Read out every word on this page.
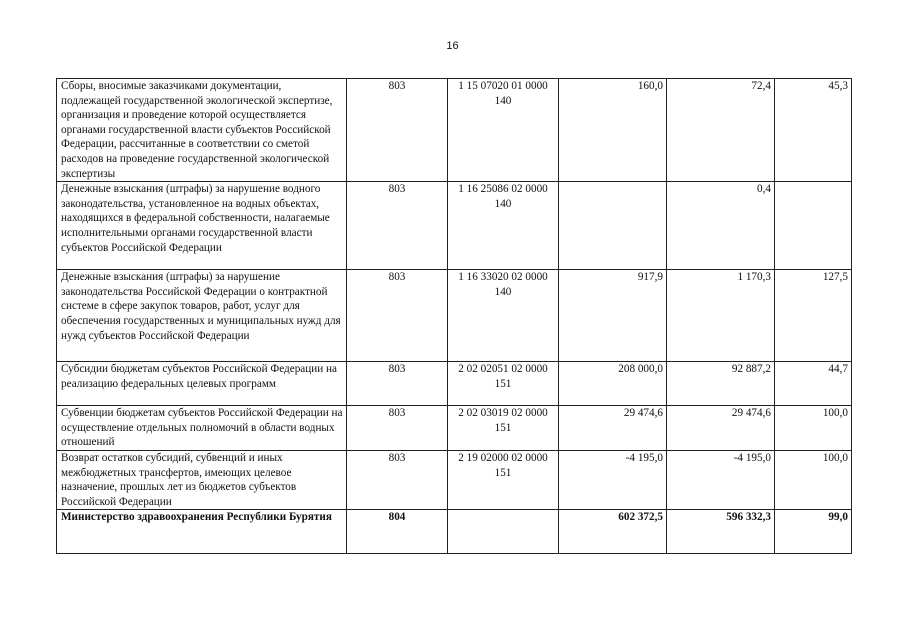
16
Сборы, вносимые заказчиками документации, подлежащей государственной экологической экспертизе, организация и проведение которой осуществляется органами государственной власти субъектов Российской Федерации, рассчитанные в соответствии со сметой расходов на проведение государственной экологической экспертизы	803	1 15 07020 01 0000 140	160,0	72,4	45,3
Денежные взыскания (штрафы) за нарушение водного законодательства, установленное на водных объектах, находящихся в федеральной собственности, налагаемые исполнительными органами государственной власти субъектов Российской Федерации	803	1 16 25086 02 0000 140		0,4	
Денежные взыскания (штрафы) за нарушение законодательства Российской Федерации о контрактной системе в сфере закупок товаров, работ, услуг для обеспечения государственных и муниципальных нужд для нужд субъектов Российской Федерации	803	1 16 33020 02 0000 140	917,9	1 170,3	127,5
Субсидии бюджетам субъектов Российской Федерации на реализацию федеральных целевых программ	803	2 02 02051 02 0000 151	208 000,0	92 887,2	44,7
Субвенции бюджетам субъектов Российской Федерации на осуществление отдельных полномочий в области водных отношений	803	2 02 03019 02 0000 151	29 474,6	29 474,6	100,0
Возврат остатков субсидий, субвенций и иных межбюджетных трансфертов, имеющих целевое назначение, прошлых лет из бюджетов субъектов Российской Федерации	803	2 19 02000 02 0000 151	-4 195,0	-4 195,0	100,0
Министерство здравоохранения Республики Бурятия	804		602 372,5	596 332,3	99,0
